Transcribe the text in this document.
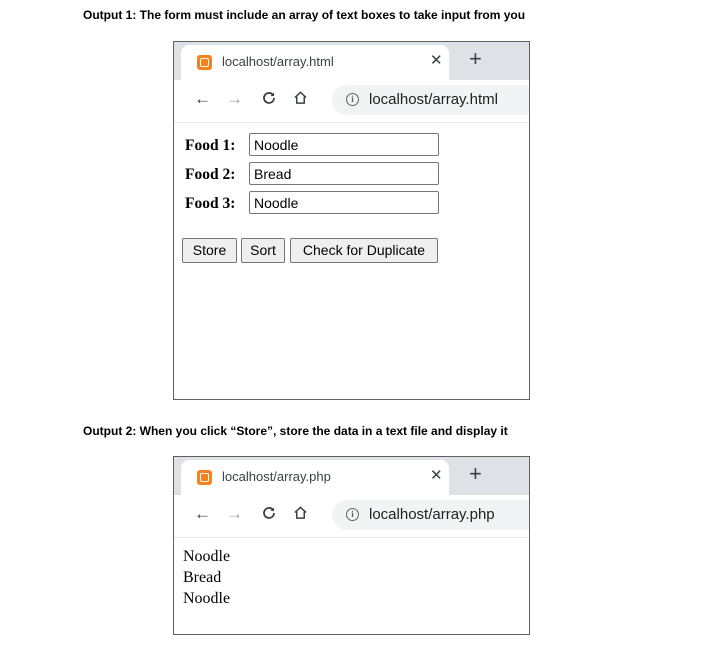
Output 1: The form must include an array of text boxes to take input from you
localhost/array.html	✕ +
← →	i	localhost/array.html
Food 1:
Noodle
Food 2:
Bread
Food 3:
Noodle
Store	Sort	Check for Duplicate
Output 2: When you click “Store”, store the data in a text file and display it
localhost/array.php	✕ +
← →	i	localhost/array.php
Noodle
Bread
Noodle
